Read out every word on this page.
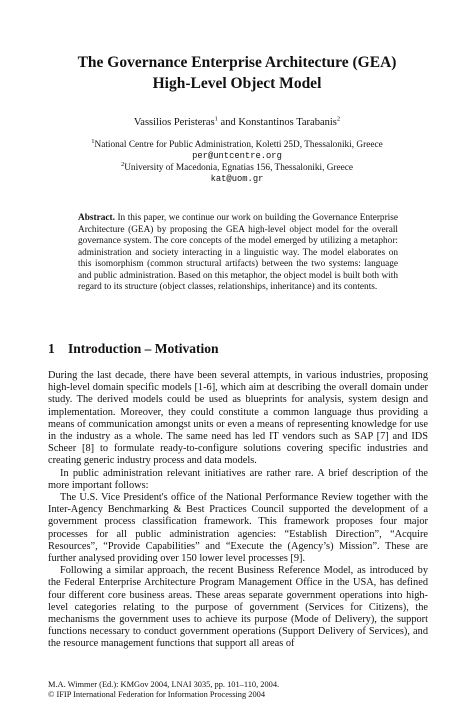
The Governance Enterprise Architecture (GEA)
High-Level Object Model
Vassilios Peristeras$^1$ and Konstantinos Tarabanis$^2$
$^1$National Centre for Public Administration, Koletti 25D, Thessaloniki, Greece
per@untcentre.org
$^2$University of Macedonia, Egnatias 156, Thessaloniki, Greece
kat@uom.gr

Abstract. In this paper, we continue our work on building the Governance Enterprise Architecture (GEA) by proposing the GEA high-level object model for the overall governance system. The core concepts of the model emerged by utilizing a metaphor: administration and society interacting in a linguistic way. The model elaborates on this isomorphism (common structural artifacts) between the two systems: language and public administration. Based on this metaphor, the object model is built both with regard to its structure (object classes, relationships, inheritance) and its contents.

1 Introduction – Motivation

During the last decade, there have been several attempts, in various industries, proposing high-level domain specific models [1-6], which aim at describing the overall domain under study. The derived models could be used as blueprints for analysis, system design and implementation. Moreover, they could constitute a common language thus providing a means of communication amongst units or even a means of representing knowledge for use in the industry as a whole. The same need has led IT vendors such as SAP [7] and IDS Scheer [8] to formulate ready-to-configure solutions covering specific industries and creating generic industry process and data models.

In public administration relevant initiatives are rather rare. A brief description of the more important follows:

The U.S. Vice President's office of the National Performance Review together with the Inter-Agency Benchmarking & Best Practices Council supported the development of a government process classification framework. This framework proposes four major processes for all public administration agencies: “Establish Direction”, “Acquire Resources”, “Provide Capabilities” and “Execute the (Agency’s) Mission”. These are further analysed providing over 150 lower level processes [9].

Following a similar approach, the recent Business Reference Model, as introduced by the Federal Enterprise Architecture Program Management Office in the USA, has defined four different core business areas. These areas separate government operations into high-level categories relating to the purpose of government (Services for Citizens), the mechanisms the government uses to achieve its purpose (Mode of Delivery), the support functions necessary to conduct government operations (Support Delivery of Services), and the resource management functions that support all areas of

M.A. Wimmer (Ed.): KMGov 2004, LNAI 3035, pp. 101–110, 2004.
© IFIP International Federation for Information Processing 2004
